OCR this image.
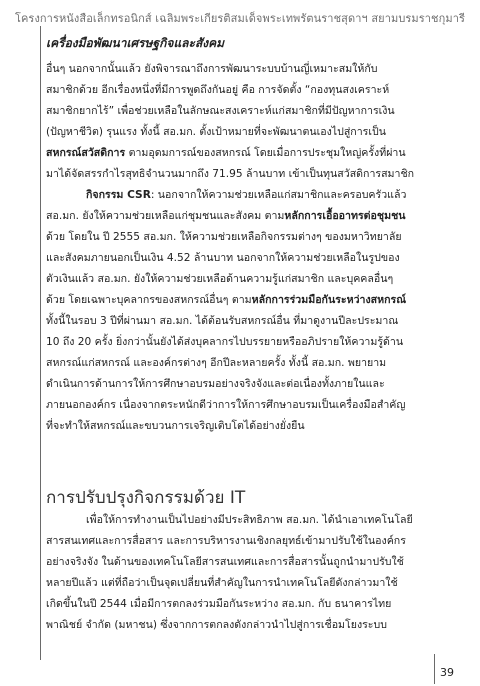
โครงการหนังสือเล็กทรอนิกส์ เฉลิมพระเกียรติสมเด็จพระเทพรัตนราชสุดาฯ สยามบรมราชกุมารี
เครื่องมือพัฒนาเศรษฐกิจและสังคม
อื่นๆ นอกจากนั้นแล้ว ยังพิจารณาถึงการพัฒนาระบบบ้านญี่เหมาะสมให้กับ
สมาชิกด้วย อีกเรื่องหนึ่งที่มีการพูดถึงกันอยู่ คือ การจัดตั้ง “กองทุนสงเคราะห์
สมาชิกยากไร้” เพื่อช่วยเหลือในลักษณะสงเคราะห์แก่สมาชิกที่มีปัญหาการเงิน
(ปัญหาชีวิต) รุนแรง ทั้งนี้ สอ.มก. ตั้งเป้าหมายที่จะพัฒนาตนเองไปสู่การเป็น
สหกรณ์สวัสดิการ ตามอุดมการณ์ของสหกรณ์ โดยเมื่อการประชุมใหญ่ครั้งที่ผ่าน
มาได้จัดสรรกำไรสุทธิจำนวนมากถึง 71.95 ล้านบาท เข้าเป็นทุนสวัสดิการสมาชิก
กิจกรรม CSR: นอกจากให้ความช่วยเหลือแก่สมาชิกและครอบครัวแล้ว
สอ.มก. ยังให้ความช่วยเหลือแก่ชุมชนและสังคม ตามหลักการเอื้ออาทรต่อชุมชน
ด้วย โดยใน ปี 2555 สอ.มก. ให้ความช่วยเหลือกิจกรรมต่างๆ ของมหาวิทยาลัย
และสังคมภายนอกเป็นเงิน 4.52 ล้านบาท นอกจากให้ความช่วยเหลือในรูปของ
ตัวเงินแล้ว สอ.มก. ยังให้ความช่วยเหลือด้านความรู้แก่สมาชิก และบุคคลอื่นๆ
ด้วย โดยเฉพาะบุคลากรของสหกรณ์อื่นๆ ตามหลักการร่วมมือกันระหว่างสหกรณ์
ทั้งนี้ในรอบ 3 ปีที่ผ่านมา สอ.มก. ได้ต้อนรับสหกรณ์อื่น ที่มาดูงานปีละประมาณ
10 ถึง 20 ครั้ง ยิ่งกว่านั้นยังได้ส่งบุคลากรไปบรรยายหรืออภิปรายให้ความรู้ด้าน
สหกรณ์แก่สหกรณ์ และองค์กรต่างๆ อีกปีละหลายครั้ง ทั้งนี้ สอ.มก. พยายาม
ดำเนินการด้านการให้การศึกษาอบรมอย่างจริงจังและต่อเนื่องทั้งภายในและ
ภายนอกองค์กร เนื่องจากตระหนักดีว่าการให้การศึกษาอบรมเป็นเครื่องมือสำคัญ
ที่จะทำให้สหกรณ์และขบวนการเจริญเติบโตได้อย่างยั่งยืน
การปรับปรุงกิจกรรมด้วย IT
เพื่อให้การทำงานเป็นไปอย่างมีประสิทธิภาพ สอ.มก. ได้นำเอาเทคโนโลยี
สารสนเทศและการสื่อสาร และการบริหารงานเชิงกลยุทธ์เข้ามาปรับใช้ในองค์กร
อย่างจริงจัง ในด้านของเทคโนโลยีสารสนเทศและการสื่อสารนั้นถูกนำมาปรับใช้
หลายปีแล้ว แต่ที่ถือว่าเป็นจุดเปลี่ยนที่สำคัญในการนำเทคโนโลยีดังกล่าวมาใช้
เกิดขึ้นในปี 2544 เมื่อมีการตกลงร่วมมือกันระหว่าง สอ.มก. กับ ธนาคารไทย
พาณิชย์ จำกัด (มหาชน) ซึ่งจากการตกลงดังกล่าวนำไปสู่การเชื่อมโยงระบบ
39
